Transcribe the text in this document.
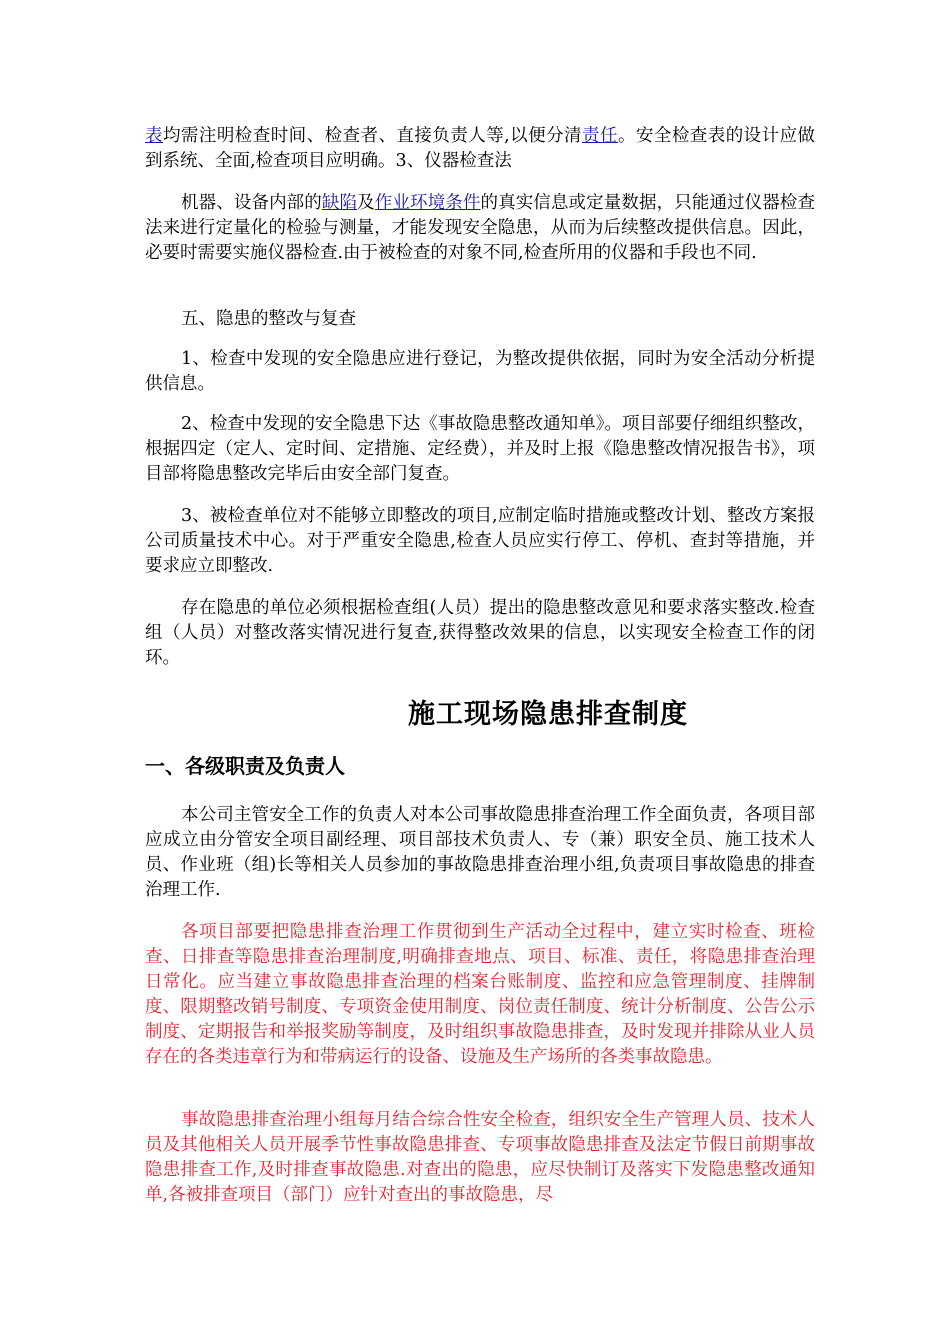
表均需注明检查时间、检查者、直接负责人等,以便分清责任。安全检查表的设计应做到系统、全面,检查项目应明确。3、仪器检查法

机器、设备内部的缺陷及作业环境条件的真实信息或定量数据，只能通过仪器检查法来进行定量化的检验与测量，才能发现安全隐患，从而为后续整改提供信息。因此，必要时需要实施仪器检查.由于被检查的对象不同,检查所用的仪器和手段也不同.

五、隐患的整改与复查

1、检查中发现的安全隐患应进行登记，为整改提供依据，同时为安全活动分析提供信息。

2、检查中发现的安全隐患下达《事故隐患整改通知单》。项目部要仔细组织整改，根据四定（定人、定时间、定措施、定经费），并及时上报《隐患整改情况报告书》，项目部将隐患整改完毕后由安全部门复查。

3、被检查单位对不能够立即整改的项目,应制定临时措施或整改计划、整改方案报公司质量技术中心。对于严重安全隐患,检查人员应实行停工、停机、查封等措施，并要求应立即整改.

存在隐患的单位必须根据检查组(人员）提出的隐患整改意见和要求落实整改.检查组（人员）对整改落实情况进行复查,获得整改效果的信息，以实现安全检查工作的闭环。

施工现场隐患排查制度
一、各级职责及负责人

本公司主管安全工作的负责人对本公司事故隐患排查治理工作全面负责，各项目部应成立由分管安全项目副经理、项目部技术负责人、专（兼）职安全员、施工技术人员、作业班（组)长等相关人员参加的事故隐患排查治理小组,负责项目事故隐患的排查治理工作.

各项目部要把隐患排查治理工作贯彻到生产活动全过程中，建立实时检查、班检查、日排查等隐患排查治理制度,明确排查地点、项目、标准、责任，将隐患排查治理日常化。应当建立事故隐患排查治理的档案台账制度、监控和应急管理制度、挂牌制度、限期整改销号制度、专项资金使用制度、岗位责任制度、统计分析制度、公告公示制度、定期报告和举报奖励等制度，及时组织事故隐患排查，及时发现并排除从业人员存在的各类违章行为和带病运行的设备、设施及生产场所的各类事故隐患。

事故隐患排查治理小组每月结合综合性安全检查，组织安全生产管理人员、技术人员及其他相关人员开展季节性事故隐患排查、专项事故隐患排查及法定节假日前期事故隐患排查工作,及时排查事故隐患.对查出的隐患，应尽快制订及落实下发隐患整改通知单,各被排查项目（部门）应针对查出的事故隐患，尽
